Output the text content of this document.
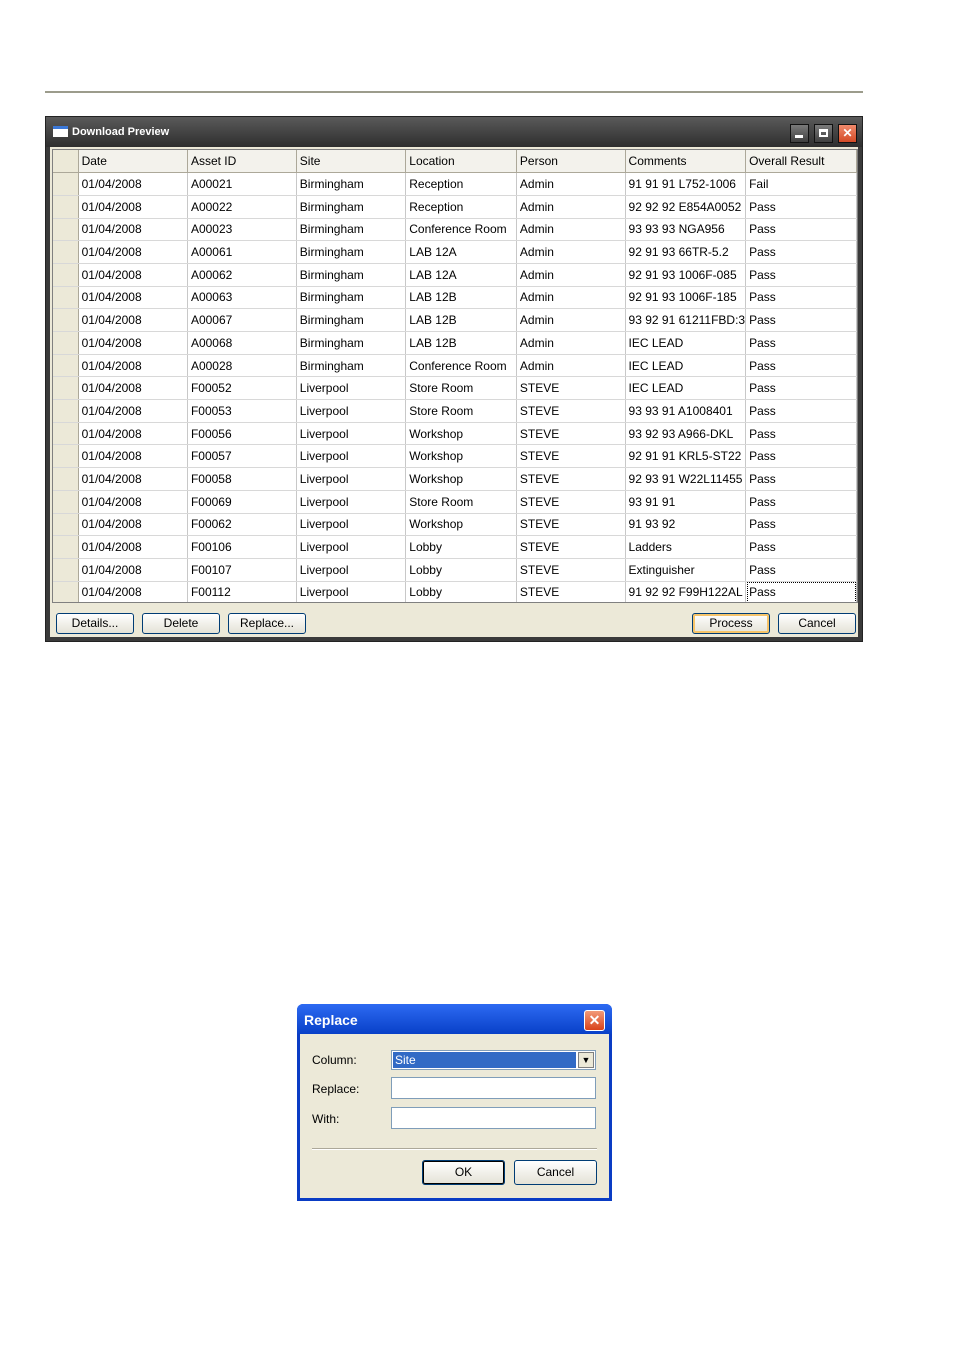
Download Preview	✕
	Date	Asset ID	Site	Location	Person	Comments	Overall Result
	01/04/2008	A00021	Birmingham	Reception	Admin	91 91 91 L752-1006	Fail
	01/04/2008	A00022	Birmingham	Reception	Admin	92 92 92 E854A0052	Pass
	01/04/2008	A00023	Birmingham	Conference Room	Admin	93 93 93 NGA956	Pass
	01/04/2008	A00061	Birmingham	LAB 12A	Admin	92 91 93 66TR-5.2	Pass
	01/04/2008	A00062	Birmingham	LAB 12A	Admin	92 91 93 1006F-085	Pass
	01/04/2008	A00063	Birmingham	LAB 12B	Admin	92 91 93 1006F-185	Pass
	01/04/2008	A00067	Birmingham	LAB 12B	Admin	93 92 91 61211FBD:3	Pass
	01/04/2008	A00068	Birmingham	LAB 12B	Admin	IEC LEAD	Pass
	01/04/2008	A00028	Birmingham	Conference Room	Admin	IEC LEAD	Pass
	01/04/2008	F00052	Liverpool	Store Room	STEVE	IEC LEAD	Pass
	01/04/2008	F00053	Liverpool	Store Room	STEVE	93 93 91 A1008401	Pass
	01/04/2008	F00056	Liverpool	Workshop	STEVE	93 92 93 A966-DKL	Pass
	01/04/2008	F00057	Liverpool	Workshop	STEVE	92 91 91 KRL5-ST22	Pass
	01/04/2008	F00058	Liverpool	Workshop	STEVE	92 93 91 W22L11455	Pass
	01/04/2008	F00069	Liverpool	Store Room	STEVE	93 91 91	Pass
	01/04/2008	F00062	Liverpool	Workshop	STEVE	91 93 92	Pass
	01/04/2008	F00106	Liverpool	Lobby	STEVE	Ladders	Pass
	01/04/2008	F00107	Liverpool	Lobby	STEVE	Extinguisher	Pass
	01/04/2008	F00112	Liverpool	Lobby	STEVE	91 92 92 F99H122AL	Pass
Details...	Delete	Replace...	Process	Cancel
Replace	✕
Column:	Site	▼
Replace:
With:
OK	Cancel
